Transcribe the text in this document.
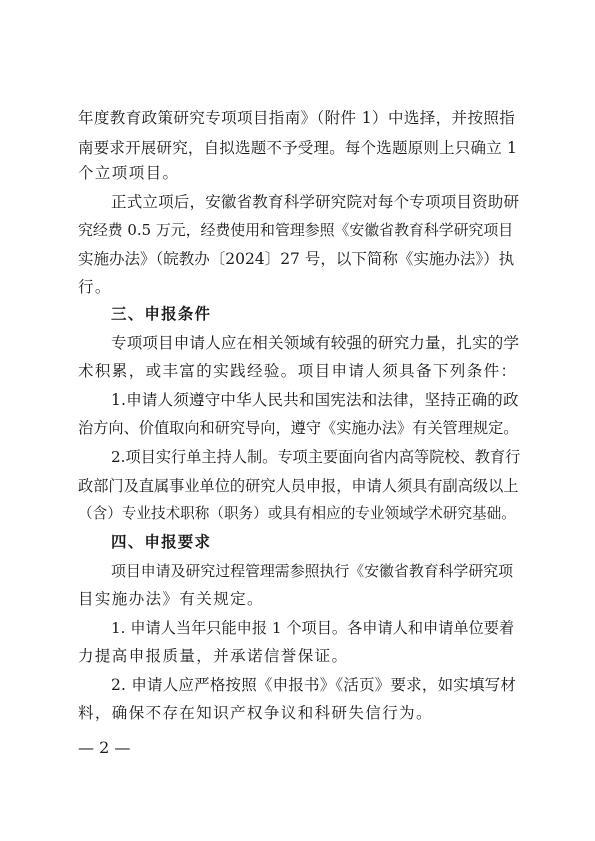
年度教育政策研究专项项目指南》（附件 1）中选择，并按照指
南要求开展研究，自拟选题不予受理。每个选题原则上只确立 1
个立项项目。
正式立项后，安徽省教育科学研究院对每个专项项目资助研
究经费 0.5 万元，经费使用和管理参照《安徽省教育科学研究项目
实施办法》（皖教办〔2024〕27 号，以下简称《实施办法》）执
行。
三、申报条件
专项项目申请人应在相关领域有较强的研究力量，扎实的学
术积累，或丰富的实践经验。项目申请人须具备下列条件：
1.申请人须遵守中华人民共和国宪法和法律，坚持正确的政
治方向、价值取向和研究导向，遵守《实施办法》有关管理规定。
2.项目实行单主持人制。专项主要面向省内高等院校、教育行
政部门及直属事业单位的研究人员申报，申请人须具有副高级以上
（含）专业技术职称（职务）或具有相应的专业领域学术研究基础。
四、申报要求
项目申请及研究过程管理需参照执行《安徽省教育科学研究项
目实施办法》有关规定。
1. 申请人当年只能申报 1 个项目。各申请人和申请单位要着
力提高申报质量，并承诺信誉保证。
2. 申请人应严格按照《申报书》《活页》要求，如实填写材
料，确保不存在知识产权争议和科研失信行为。
— 2 —
